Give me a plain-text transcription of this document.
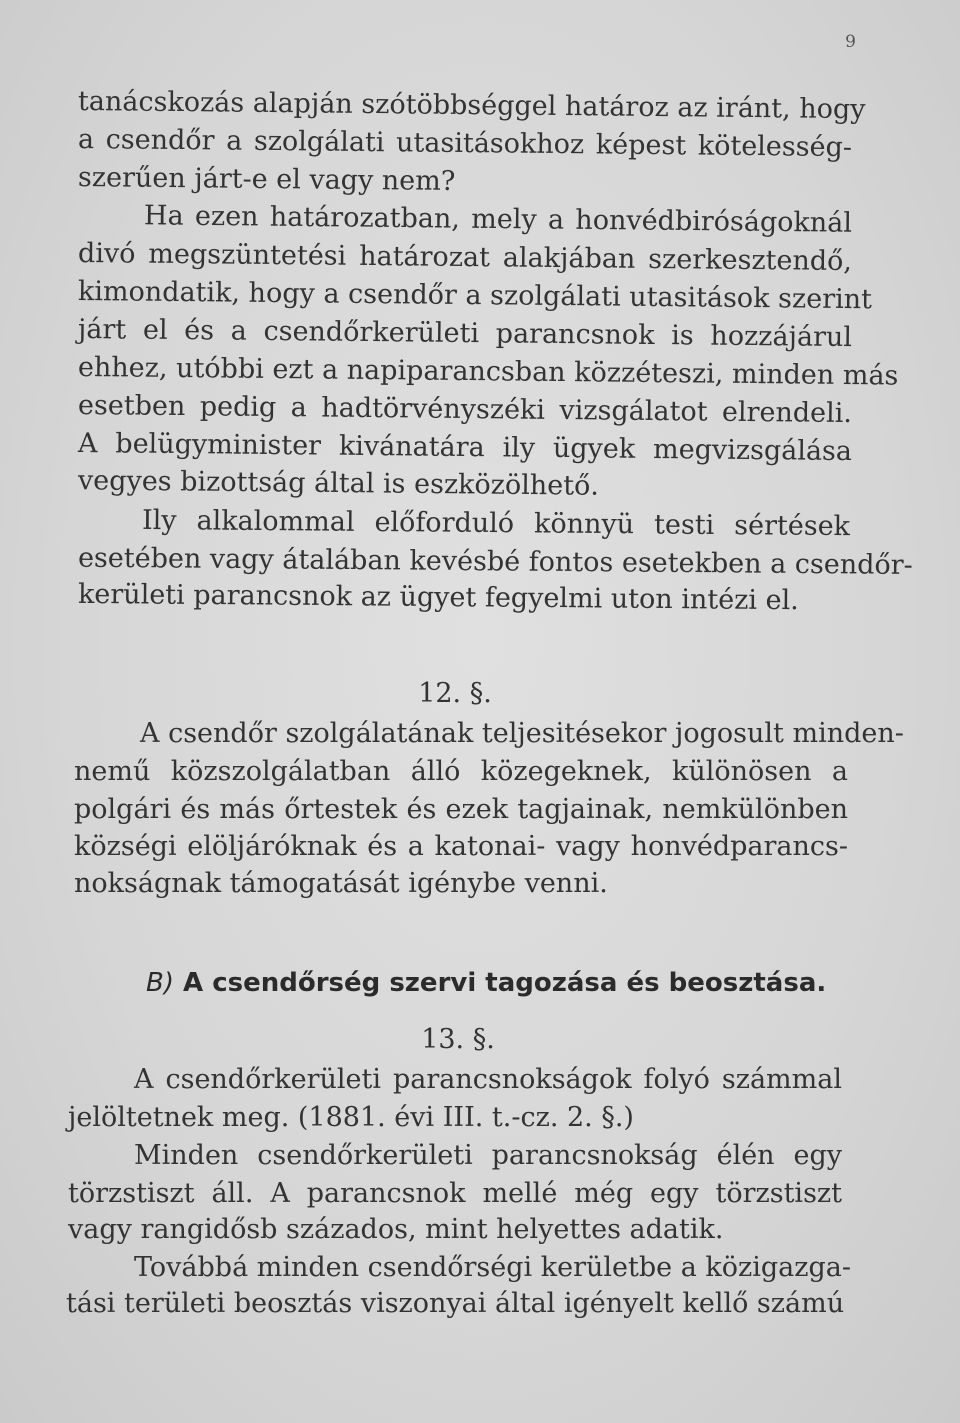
9
tanácskozás alapján szótöbbséggel határoz az iránt, hogy
a csendőr a szolgálati utasitásokhoz képest kötelesség-
szerűen járt-e el vagy nem?
Ha ezen határozatban, mely a honvédbiróságoknál
divó megszüntetési határozat alakjában szerkesztendő,
kimondatik, hogy a csendőr a szolgálati utasitások szerint
járt el és a csendőrkerületi parancsnok is hozzájárul
ehhez, utóbbi ezt a napiparancsban közzéteszi, minden más
esetben pedig a hadtörvényszéki vizsgálatot elrendeli.
A belügyminister kivánatára ily ügyek megvizsgálása
vegyes bizottság által is eszközölhető.
Ily alkalommal előforduló könnyü testi sértések
esetében vagy átalában kevésbé fontos esetekben a csendőr-
kerületi parancsnok az ügyet fegyelmi uton intézi el.
12. §.
A csendőr szolgálatának teljesitésekor jogosult minden-
nemű közszolgálatban álló közegeknek, különösen a
polgári és más őrtestek és ezek tagjainak, nemkülönben
községi elöljáróknak és a katonai- vagy honvédparancs-
nokságnak támogatását igénybe venni.
B) A csendőrség szervi tagozása és beosztása.
13. §.
A csendőrkerületi parancsnokságok folyó számmal
jelöltetnek meg. (1881. évi III. t.-cz. 2. §.)
Minden csendőrkerületi parancsnokság élén egy
törzstiszt áll. A parancsnok mellé még egy törzstiszt
vagy rangidősb százados, mint helyettes adatik.
Továbbá minden csendőrségi kerületbe a közigazga-
tási területi beosztás viszonyai által igényelt kellő számú
